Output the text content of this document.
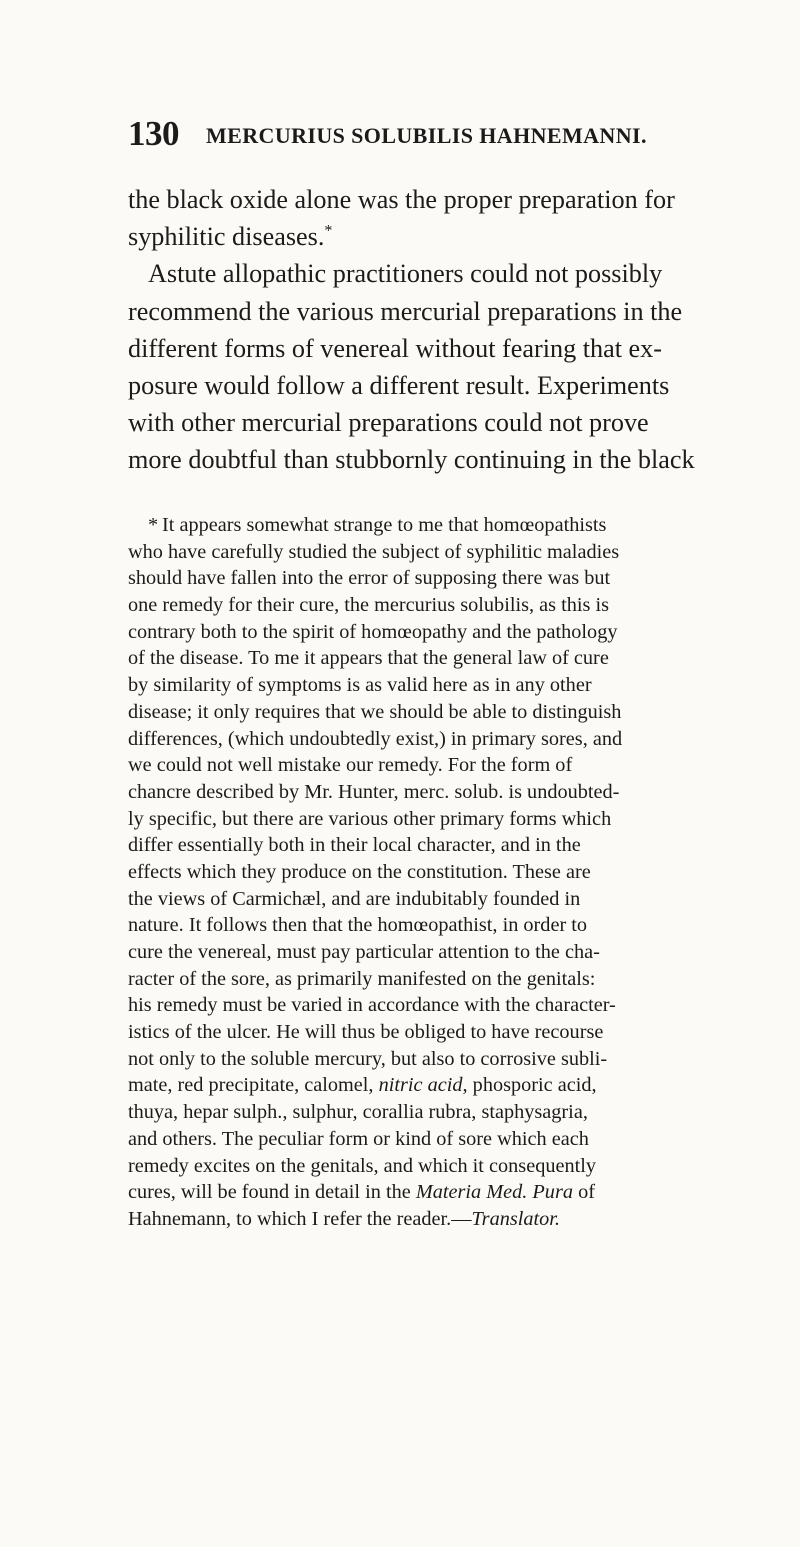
130 MERCURIUS SOLUBILIS HAHNEMANNI.
the black oxide alone was the proper preparation for
syphilitic diseases.*
Astute allopathic practitioners could not possibly
recommend the various mercurial preparations in the
different forms of venereal without fearing that ex-
posure would follow a different result. Experiments
with other mercurial preparations could not prove
more doubtful than stubbornly continuing in the black
* It appears somewhat strange to me that homœopathists
who have carefully studied the subject of syphilitic maladies
should have fallen into the error of supposing there was but
one remedy for their cure, the mercurius solubilis, as this is
contrary both to the spirit of homœopathy and the pathology
of the disease. To me it appears that the general law of cure
by similarity of symptoms is as valid here as in any other
disease; it only requires that we should be able to distinguish
differences, (which undoubtedly exist,) in primary sores, and
we could not well mistake our remedy. For the form of
chancre described by Mr. Hunter, merc. solub. is undoubted-
ly specific, but there are various other primary forms which
differ essentially both in their local character, and in the
effects which they produce on the constitution. These are
the views of Carmichæl, and are indubitably founded in
nature. It follows then that the homœopathist, in order to
cure the venereal, must pay particular attention to the cha-
racter of the sore, as primarily manifested on the genitals:
his remedy must be varied in accordance with the character-
istics of the ulcer. He will thus be obliged to have recourse
not only to the soluble mercury, but also to corrosive subli-
mate, red precipitate, calomel, nitric acid, phosporic acid,
thuya, hepar sulph., sulphur, corallia rubra, staphysagria,
and others. The peculiar form or kind of sore which each
remedy excites on the genitals, and which it consequently
cures, will be found in detail in the Materia Med. Pura of
Hahnemann, to which I refer the reader.—Translator.
